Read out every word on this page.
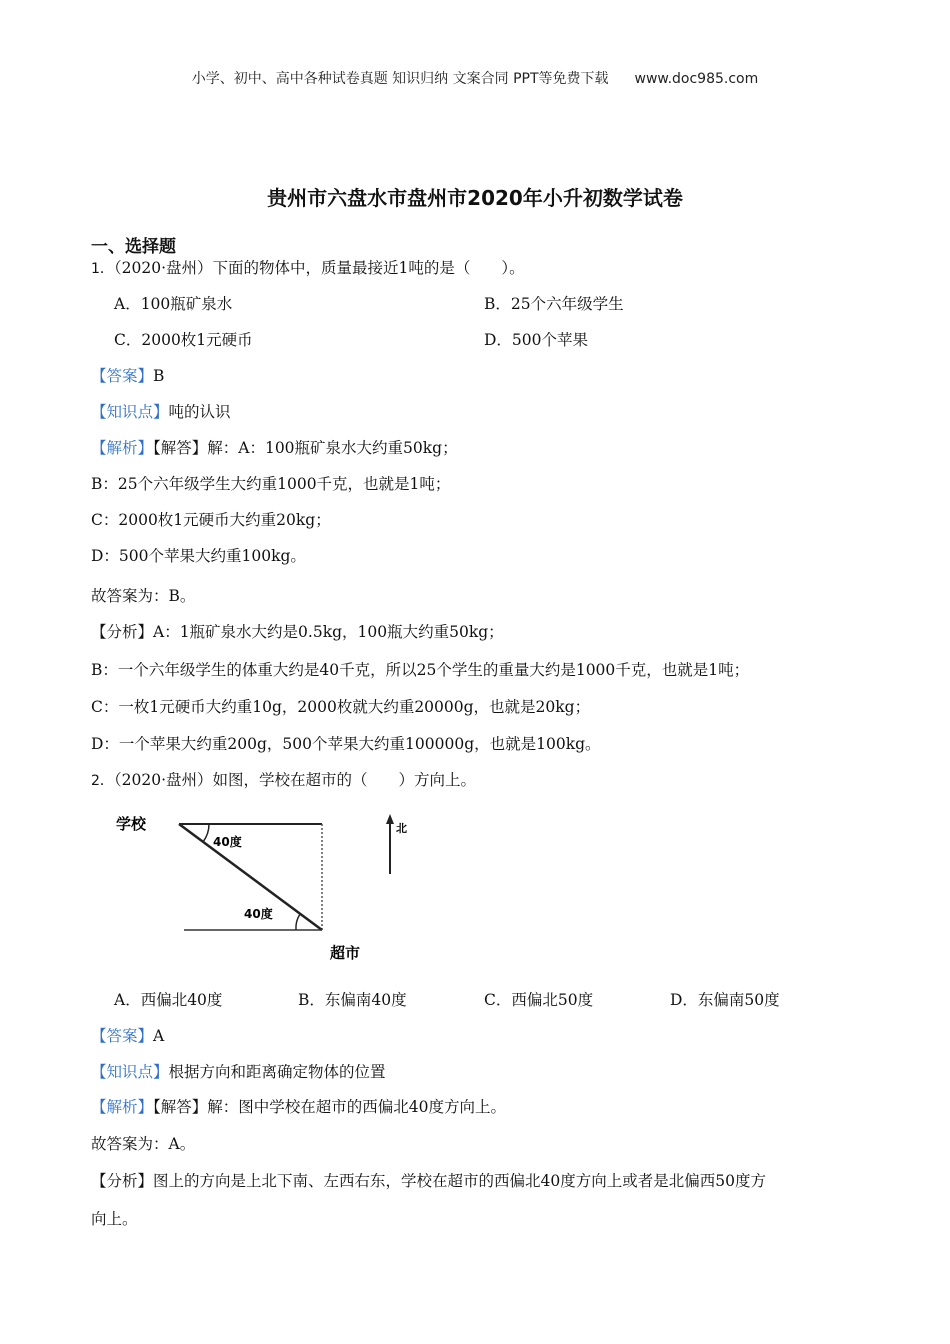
小学、初中、高中各种试卷真题 知识归纳 文案合同 PPT等免费下载 www.doc985.com
贵州市六盘水市盘州市2020年小升初数学试卷
一、选择题
1．（2020·盘州）下面的物体中，质量最接近1吨的是（　　）。
A．100瓶矿泉水	B．25个六年级学生
C．2000枚1元硬币	D．500个苹果
【答案】B
【知识点】吨的认识
【解析】【解答】解：A：100瓶矿泉水大约重50kg；
B：25个六年级学生大约重1000千克，也就是1吨；
C：2000枚1元硬币大约重20kg；
D：500个苹果大约重100kg。
故答案为：B。
【分析】A：1瓶矿泉水大约是0.5kg，100瓶大约重50kg；
B：一个六年级学生的体重大约是40千克，所以25个学生的重量大约是1000千克，也就是1吨；
C：一枚1元硬币大约重10g，2000枚就大约重20000g，也就是20kg；
D：一个苹果大约重200g，500个苹果大约重100000g，也就是100kg。
2．（2020·盘州）如图，学校在超市的（　　）方向上。
学校
40度
40度
超市
北
A．西偏北40度	B．东偏南40度	C．西偏北50度	D．东偏南50度
【答案】A
【知识点】根据方向和距离确定物体的位置
【解析】【解答】解：图中学校在超市的西偏北40度方向上。
故答案为：A。
【分析】图上的方向是上北下南、左西右东，学校在超市的西偏北40度方向上或者是北偏西50度方
向上。
